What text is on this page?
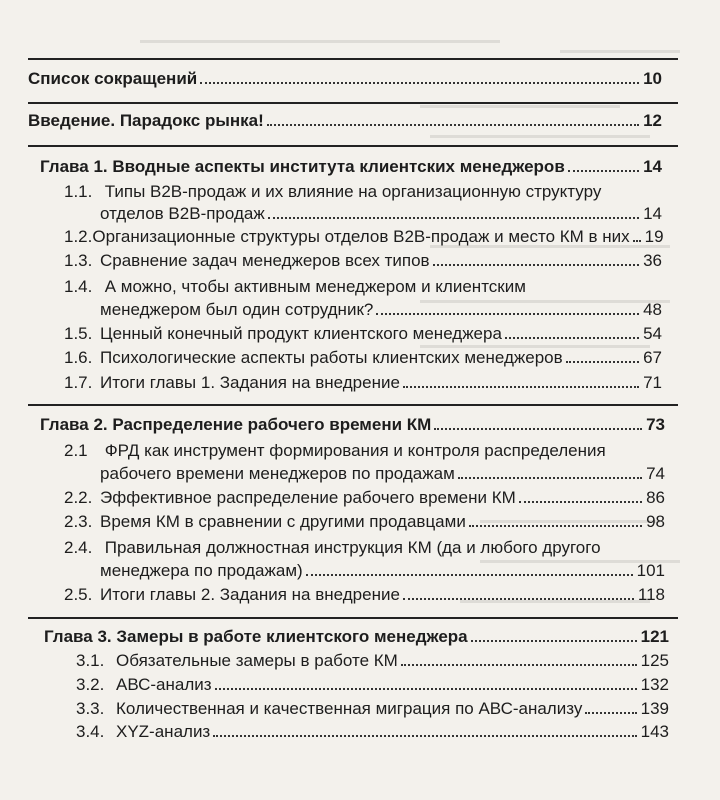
Список сокращений	10
Введение. Парадокс рынка!	12
Глава 1. Вводные аспекты института клиентских менеджеров	14
1.1. Типы B2B-продаж и их влияние на организационную структуру
отделов B2B-продаж	14
1.2. Организационные структуры отделов B2B-продаж и место КМ в них 19
1.3. Сравнение задач менеджеров всех типов	36
1.4. А можно, чтобы активным менеджером и клиентским
менеджером был один сотрудник?	48
1.5. Ценный конечный продукт клиентского менеджера	54
1.6. Психологические аспекты работы клиентских менеджеров	67
1.7. Итоги главы 1. Задания на внедрение	71
Глава 2. Распределение рабочего времени КМ	73
2.1 ФРД как инструмент формирования и контроля распределения
рабочего времени менеджеров по продажам	74
2.2. Эффективное распределение рабочего времени КМ	86
2.3. Время КМ в сравнении с другими продавцами	98
2.4. Правильная должностная инструкция КМ (да и любого другого
менеджера по продажам)	101
2.5. Итоги главы 2. Задания на внедрение	118
Глава 3. Замеры в работе клиентского менеджера	121
3.1. Обязательные замеры в работе КМ	125
3.2. АВС-анализ	132
3.3. Количественная и качественная миграция по АВС-анализу	139
3.4. XYZ-анализ	143
